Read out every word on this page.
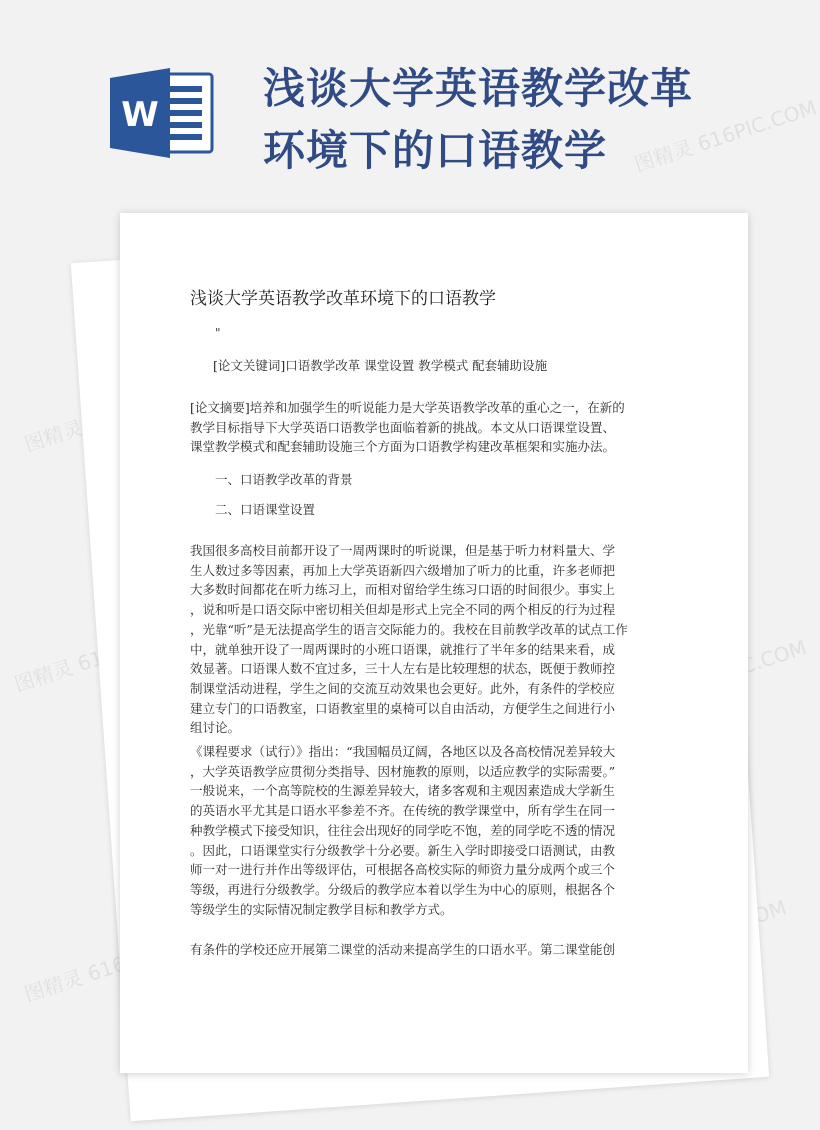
W
浅谈大学英语教学改革
环境下的口语教学	图精灵 616PIC.COM
图精灵
图精灵
图精灵 616PIC.COM
浅谈大学英语教学改革环境下的口语教学
"
[论文关键词]口语教学改革 课堂设置 教学模式 配套辅助设施
[论文摘要]培养和加强学生的听说能力是大学英语教学改革的重心之一，在新的
教学目标指导下大学英语口语教学也面临着新的挑战。本文从口语课堂设置、
课堂教学模式和配套辅助设施三个方面为口语教学构建改革框架和实施办法。
一、口语教学改革的背景
二、口语课堂设置
我国很多高校目前都开设了一周两课时的听说课，但是基于听力材料量大、学
生人数过多等因素，再加上大学英语新四六级增加了听力的比重，许多老师把
大多数时间都花在听力练习上，而相对留给学生练习口语的时间很少。事实上
，说和听是口语交际中密切相关但却是形式上完全不同的两个相反的行为过程
，光靠“听”是无法提高学生的语言交际能力的。我校在目前教学改革的试点工作
中，就单独开设了一周两课时的小班口语课，就推行了半年多的结果来看，成
效显著。口语课人数不宜过多，三十人左右是比较理想的状态，既便于教师控
制课堂活动进程，学生之间的交流互动效果也会更好。此外，有条件的学校应
建立专门的口语教室，口语教室里的桌椅可以自由活动，方便学生之间进行小
组讨论。
《课程要求（试行）》指出：“我国幅员辽阔，各地区以及各高校情况差异较大
，大学英语教学应贯彻分类指导、因材施教的原则，以适应教学的实际需要。”
一般说来，一个高等院校的生源差异较大，诸多客观和主观因素造成大学新生
的英语水平尤其是口语水平参差不齐。在传统的教学课堂中，所有学生在同一
种教学模式下接受知识，往往会出现好的同学吃不饱，差的同学吃不透的情况
。因此，口语课堂实行分级教学十分必要。新生入学时即接受口语测试，由教
师一对一进行并作出等级评估，可根据各高校实际的师资力量分成两个或三个
等级，再进行分级教学。分级后的教学应本着以学生为中心的原则，根据各个
等级学生的实际情况制定教学目标和教学方式。
有条件的学校还应开展第二课堂的活动来提高学生的口语水平。第二课堂能创
